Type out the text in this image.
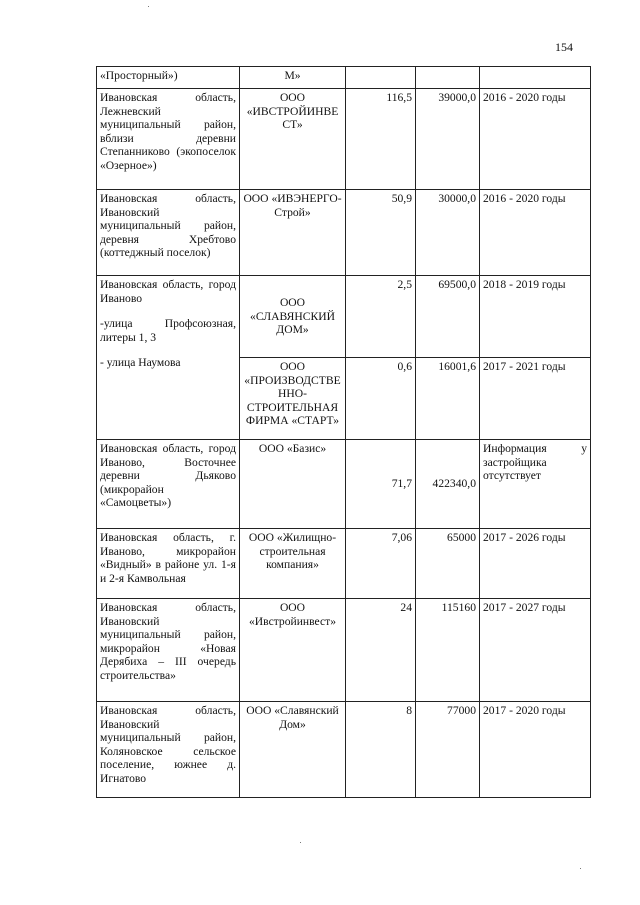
154
«Просторный»)	М»			
Ивановская область, Лежневский муниципальный район, вблизи деревни Степанниково (экопоселок «Озерное»)	ООО «ИВСТРОЙИНВЕ СТ»	116,5	39000,0	2016 - 2020 годы
Ивановская область, Ивановский муниципальный район, деревня Хребтово (коттеджный поселок)	ООО «ИВЭНЕРГО-Строй»	50,9	30000,0	2016 - 2020 годы

Ивановская область, город Иваново
-улица Профсоюзная, литеры 1, 3
- улица Наумова	ООО «СЛАВЯНСКИЙ ДОМ»	2,5	69500,0	2018 - 2019 годы
	ООО «ПРОИЗВОДСТВЕ ННО-СТРОИТЕЛЬНАЯ ФИРМА «СТАРТ»	0,6	16001,6	2017 - 2021 годы
Ивановская область, город Иваново, Восточнее деревни Дьяково (микрорайон «Самоцветы»)	ООО «Базис»	71,7	422340,0	Информация у застройщика отсутствует
Ивановская область, г. Иваново, микрорайон «Видный» в районе ул. 1-я и 2-я Камвольная	ООО «Жилищно-строительная компания»	7,06	65000	2017 - 2026 годы
Ивановская область, Ивановский муниципальный район, микрорайон «Новая Дерябиха – III очередь строительства»	ООО «Ивстройинвест»	24	115160	2017 - 2027 годы
Ивановская область, Ивановский муниципальный район, Коляновское сельское поселение, южнее д. Игнатово	ООО «Славянский Дом»	8	77000	2017 - 2020 годы
